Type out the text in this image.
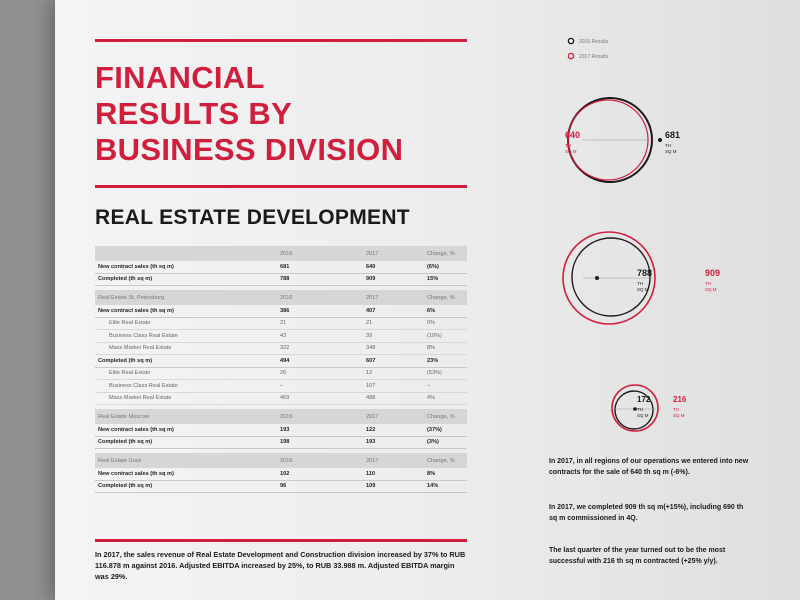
FINANCIAL
RESULTS BY
BUSINESS DIVISION
REAL ESTATE DEVELOPMENT
	2016	2017	Change, %
New contract sales (th sq m)	681	640	(6%)
Completed (th sq m)	788	909	15%

Real Estate St. Petersburg	2016	2017	Change, %
New contract sales (th sq m)	386	407	6%
Elite Real Estate	21	21	0%
Business Class Real Estate	43	39	(10%)
Mass Market Real Estate	322	348	8%
Completed (th sq m)	494	607	23%
Elite Real Estate	26	12	(53%)
Business Class Real Estate	–	107	–
Mass Market Real Estate	469	488	4%

Real Estate Moscow	2016	2017	Change, %
New contract sales (th sq m)	193	122	(37%)
Completed (th sq m)	198	193	(3%)

Real Estate Urals	2016	2017	Change, %
New contract sales (th sq m)	102	110	8%
Completed (th sq m)	96	109	14%

In 2017, the sales revenue of Real Estate Development and Construction division increased by 37% to RUB 116.878 m against 2016. Adjusted EBITDA increased by 25%, to RUB 33.988 m. Adjusted EBITDA margin was 29%.

2016 Results
2017 Results
640
TH
SQ M
681
TH
SQ M
788
TH
SQ M
909
TH
SQ M
172
TH
SQ M
216
TH
SQ M

In 2017, in all regions of our operations we entered into new contracts for the sale of 640 th sq m (-6%).

In 2017, we completed 909 th sq m(+15%), including 690 th sq m commissioned in 4Q.

The last quarter of the year turned out to be the most successful with 216 th sq m contracted (+25% y/y).
